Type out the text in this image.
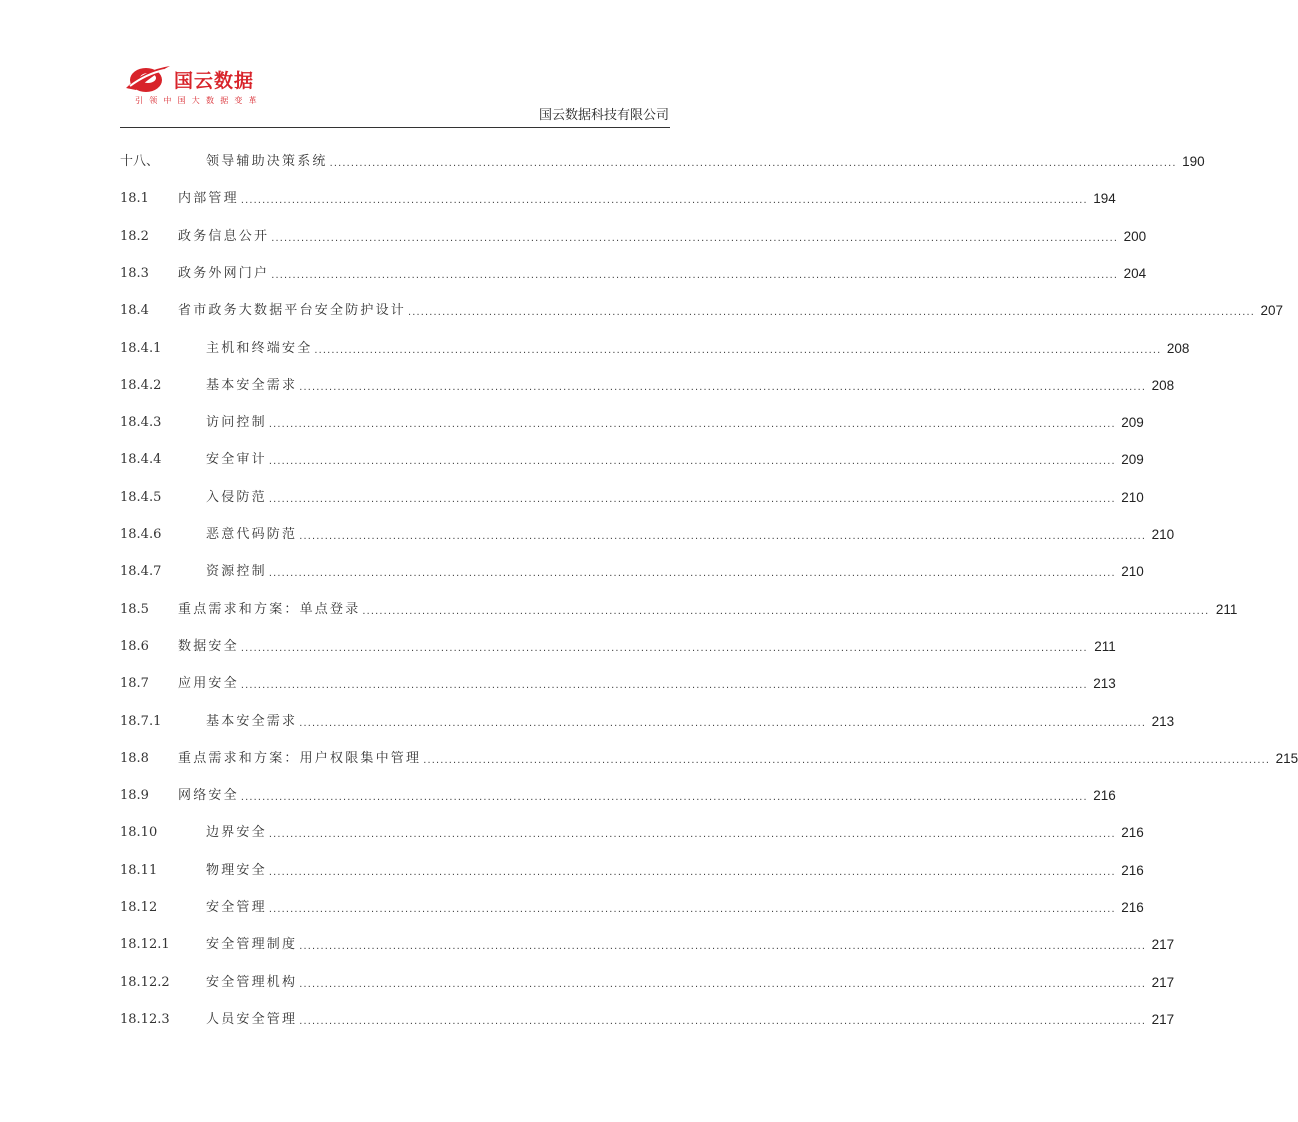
国云数据
引领中国大数据变革
国云数据科技有限公司
十八、	领导辅助决策系统 ....................................................................................................................................................................................................... 190
18.1	内部管理 ....................................................................................................................................................................................................... 194
18.2	政务信息公开 ....................................................................................................................................................................................................... 200
18.3	政务外网门户 ....................................................................................................................................................................................................... 204
18.4	省市政务大数据平台安全防护设计 ....................................................................................................................................................................................................... 207
18.4.1	主机和终端安全 ....................................................................................................................................................................................................... 208
18.4.2	基本安全需求 ....................................................................................................................................................................................................... 208
18.4.3	访问控制 ....................................................................................................................................................................................................... 209
18.4.4	安全审计 ....................................................................................................................................................................................................... 209
18.4.5	入侵防范 ....................................................................................................................................................................................................... 210
18.4.6	恶意代码防范 ....................................................................................................................................................................................................... 210
18.4.7	资源控制 ....................................................................................................................................................................................................... 210
18.5	重点需求和方案：单点登录 ....................................................................................................................................................................................................... 211
18.6	数据安全 ....................................................................................................................................................................................................... 211
18.7	应用安全 ....................................................................................................................................................................................................... 213
18.7.1	基本安全需求 ....................................................................................................................................................................................................... 213
18.8	重点需求和方案：用户权限集中管理 ....................................................................................................................................................................................................... 215
18.9	网络安全 ....................................................................................................................................................................................................... 216
18.10	边界安全 ....................................................................................................................................................................................................... 216
18.11	物理安全 ....................................................................................................................................................................................................... 216
18.12	安全管理 ....................................................................................................................................................................................................... 216
18.12.1	安全管理制度 ....................................................................................................................................................................................................... 217
18.12.2	安全管理机构 ....................................................................................................................................................................................................... 217
18.12.3	人员安全管理 ....................................................................................................................................................................................................... 217
